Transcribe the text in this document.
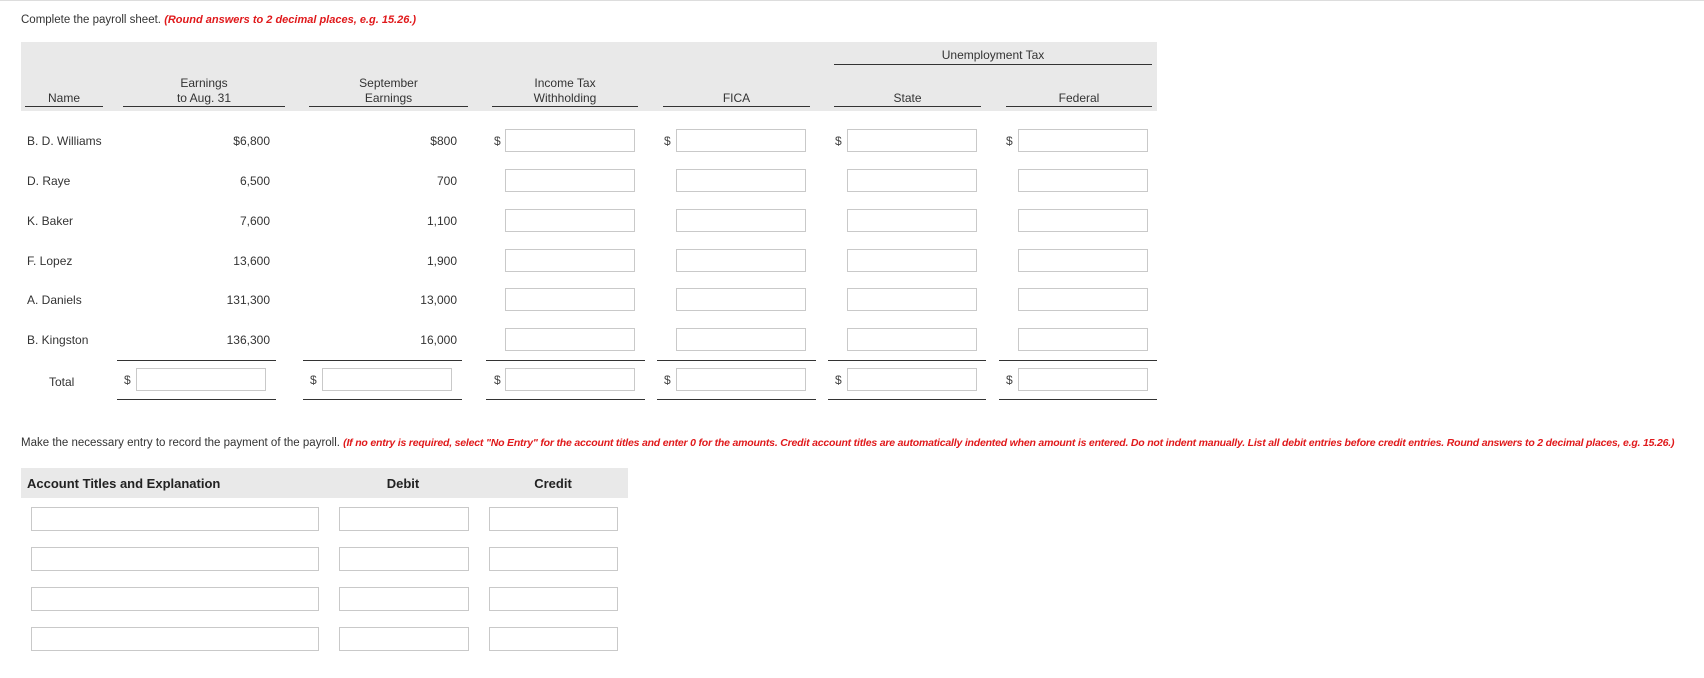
Complete the payroll sheet. (Round answers to 2 decimal places, e.g. 15.26.)
Unemployment Tax
Name
Earnings
to Aug. 31
September
Earnings
Income Tax
Withholding	FICA	State	Federal
B. D. Williams	$6,800	$800	$	$	$	$
D. Raye	6,500	700
K. Baker	7,600	1,100
F. Lopez	13,600	1,900
A. Daniels	131,300	13,000
B. Kingston	136,300	16,000
Total	$	$	$	$	$	$
Make the necessary entry to record the payment of the payroll. (If no entry is required, select "No Entry" for the account titles and enter 0 for the amounts. Credit account titles are automatically indented when amount is entered. Do not indent manually. List all debit entries before credit entries. Round answers to 2 decimal places, e.g. 15.26.)
Account Titles and Explanation	Debit	Credit
